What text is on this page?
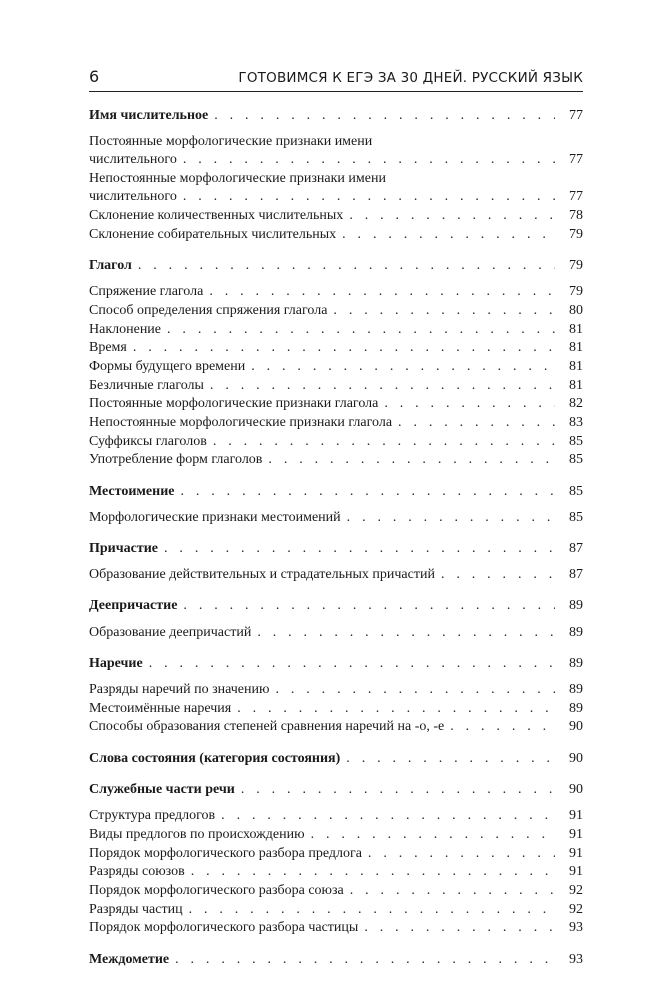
6	ГОТОВИМСЯ К ЕГЭ ЗА 30 ДНЕЙ. РУССКИЙ ЯЗЫК
Имя числительное . . .	77
Постоянные морфологические признаки имени
числительного . . .	77
Непостоянные морфологические признаки имени
числительного . . .	77
Склонение количественных числительных . . .	78
Склонение собирательных числительных . . .	79
Глагол . . .	79
Спряжение глагола . . .	79
Способ определения спряжения глагола . . .	80
Наклонение . . .	81
Время . . .	81
Формы будущего времени . . .	81
Безличные глаголы . . .	81
Постоянные морфологические признаки глагола . . .	82
Непостоянные морфологические признаки глагола . . .	83
Суффиксы глаголов . . .	85
Употребление форм глаголов . . .	85
Местоимение . . .	85
Морфологические признаки местоимений . . .	85
Причастие . . .	87
Образование действительных и страдательных причастий . . .	87
Деепричастие . . .	89
Образование деепричастий . . .	89
Наречие . . .	89
Разряды наречий по значению . . .	89
Местоимённые наречия . . .	89
Способы образования степеней сравнения наречий на -о, -е . . .	90
Слова состояния (категория состояния) . . .	90
Служебные части речи . . .	90
Структура предлогов . . .	91
Виды предлогов по происхождению . . .	91
Порядок морфологического разбора предлога . . .	91
Разряды союзов . . .	91
Порядок морфологического разбора союза . . .	92
Разряды частиц . . .	92
Порядок морфологического разбора частицы . . .	93
Междометие . . .	93
